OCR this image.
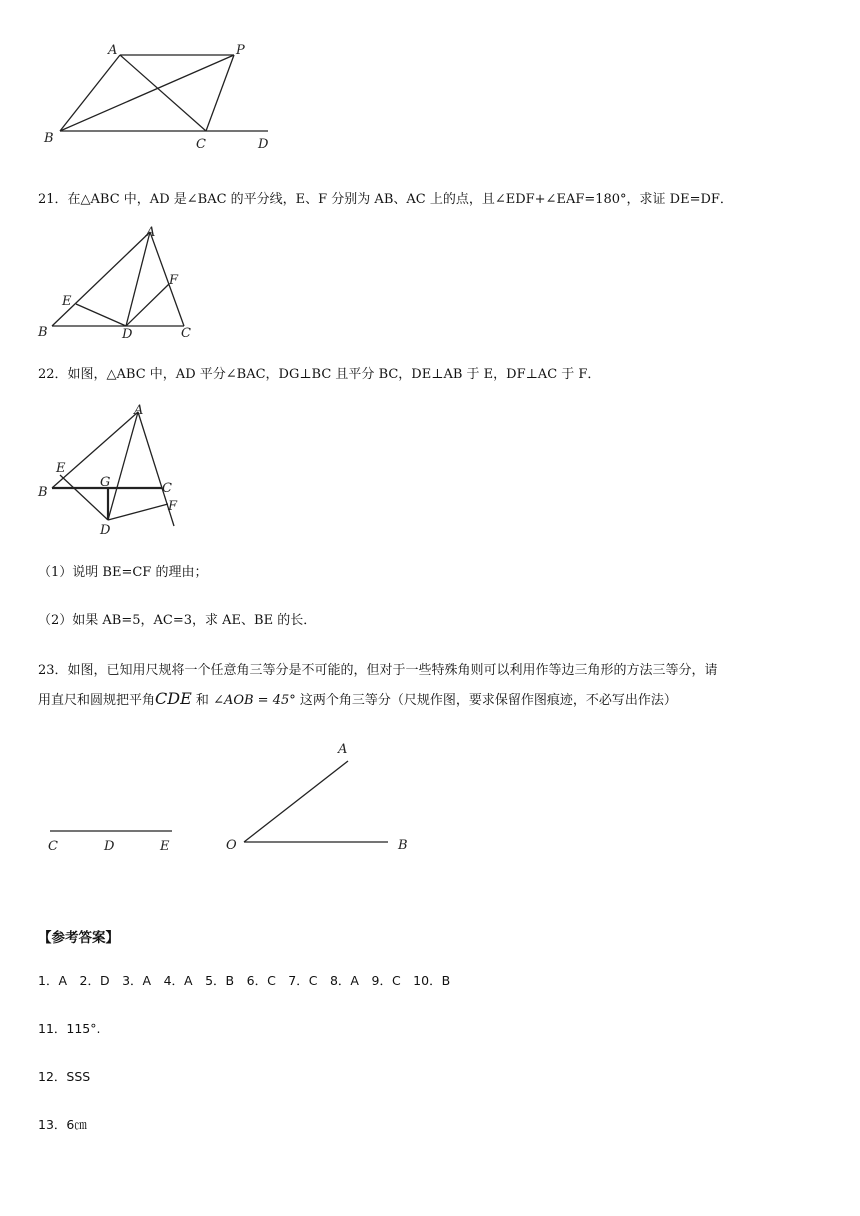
A	P
B	C	D
21．在△ABC 中，AD 是∠BAC 的平分线，E、F 分别为 AB、AC 上的点，且∠EDF+∠EAF=180°，求证 DE=DF．
A
E
F
B	D	C
22．如图，△ABC 中，AD 平分∠BAC，DG⊥BC 且平分 BC，DE⊥AB 于 E，DF⊥AC 于 F．
A
E
B
G	C
F
D
（1）说明 BE=CF 的理由；
（2）如果 AB=5，AC=3，求 AE、BE 的长．
23．如图，已知用尺规将一个任意角三等分是不可能的，但对于一些特殊角则可以利用作等边三角形的方法三等分，请
用直尺和圆规把平角CDE 和 ∠AOB = 45° 这两个角三等分（尺规作图，要求保留作图痕迹，不必写出作法）
C	D	E
A
O	B
【参考答案】
1．A　2．D　3．A　4．A　5．B　6．C　7．C　8．A　9．C　10．B
11．115°.
12．SSS
13．6㎝
